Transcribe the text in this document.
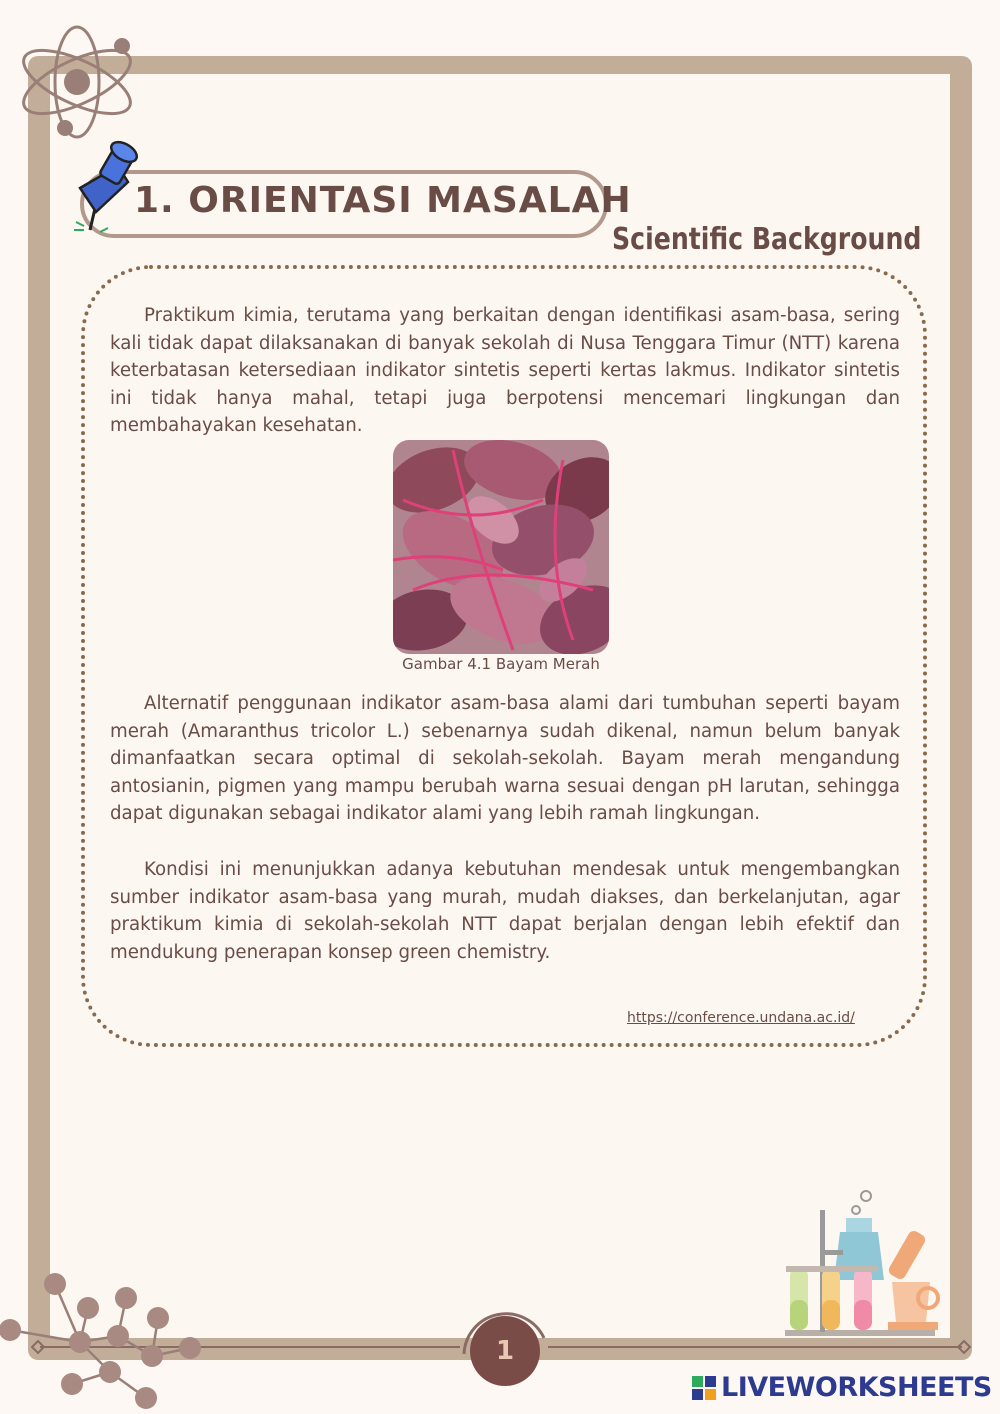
1. ORIENTASI MASALAH
Scientific Background

Praktikum kimia, terutama yang berkaitan dengan identifikasi asam-basa, sering kali tidak dapat dilaksanakan di banyak sekolah di Nusa Tenggara Timur (NTT) karena keterbatasan ketersediaan indikator sintetis seperti kertas lakmus. Indikator sintetis ini tidak hanya mahal, tetapi juga berpotensi mencemari lingkungan dan membahayakan kesehatan.

Gambar 4.1 Bayam Merah

Alternatif penggunaan indikator asam-basa alami dari tumbuhan seperti bayam merah (Amaranthus tricolor L.) sebenarnya sudah dikenal, namun belum banyak dimanfaatkan secara optimal di sekolah-sekolah. Bayam merah mengandung antosianin, pigmen yang mampu berubah warna sesuai dengan pH larutan, sehingga dapat digunakan sebagai indikator alami yang lebih ramah lingkungan.

Kondisi ini menunjukkan adanya kebutuhan mendesak untuk mengembangkan sumber indikator asam-basa yang murah, mudah diakses, dan berkelanjutan, agar praktikum kimia di sekolah-sekolah NTT dapat berjalan dengan lebih efektif dan mendukung penerapan konsep green chemistry.

https://conference.undana.ac.id/
1
LIVEWORKSHEETS
